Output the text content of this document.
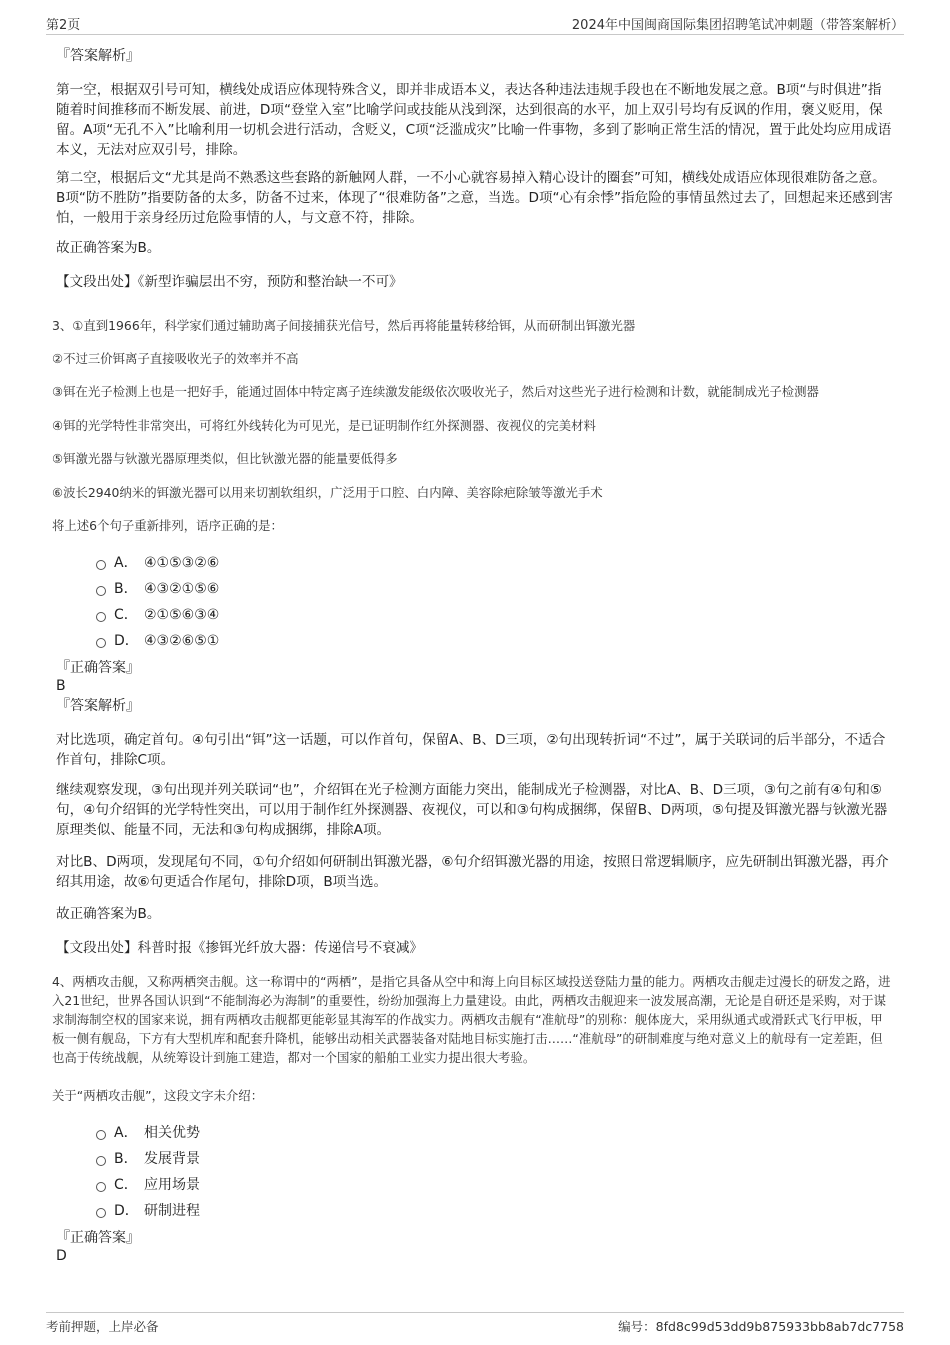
第2页	2024年中国闽商国际集团招聘笔试冲刺题（带答案解析）

『答案解析』

第一空，根据双引号可知，横线处成语应体现特殊含义，即并非成语本义，表达各种违法违规手段也在不断地发展之意。B项“与时俱进”指随着时间推移而不断发展、前进，D项“登堂入室”比喻学问或技能从浅到深，达到很高的水平，加上双引号均有反讽的作用，褒义贬用，保留。A项“无孔不入”比喻利用一切机会进行活动，含贬义，C项“泛滥成灾”比喻一件事物，多到了影响正常生活的情况，置于此处均应用成语本义，无法对应双引号，排除。

第二空，根据后文“尤其是尚不熟悉这些套路的新触网人群，一不小心就容易掉入精心设计的圈套”可知，横线处成语应体现很难防备之意。B项“防不胜防”指要防备的太多，防备不过来，体现了“很难防备”之意，当选。D项“心有余悸”指危险的事情虽然过去了，回想起来还感到害怕，一般用于亲身经历过危险事情的人，与文意不符，排除。

故正确答案为B。

【文段出处】《新型诈骗层出不穷，预防和整治缺一不可》

3、①直到1966年，科学家们通过辅助离子间接捕获光信号，然后再将能量转移给铒，从而研制出铒激光器

②不过三价铒离子直接吸收光子的效率并不高

③铒在光子检测上也是一把好手，能通过固体中特定离子连续激发能级依次吸收光子，然后对这些光子进行检测和计数，就能制成光子检测器

④铒的光学特性非常突出，可将红外线转化为可见光，是已证明制作红外探测器、夜视仪的完美材料

⑤铒激光器与钬激光器原理类似，但比钬激光器的能量要低得多

⑥波长2940纳米的铒激光器可以用来切割软组织，广泛用于口腔、白内障、美容除疤除皱等激光手术

将上述6个句子重新排列，语序正确的是：

A． ④①⑤③②⑥
B． ④③②①⑤⑥
C． ②①⑤⑥③④
D． ④③②⑥⑤①

『正确答案』

B

『答案解析』

对比选项，确定首句。④句引出“铒”这一话题，可以作首句，保留A、B、D三项，②句出现转折词“不过”，属于关联词的后半部分，不适合作首句，排除C项。

继续观察发现，③句出现并列关联词“也”，介绍铒在光子检测方面能力突出，能制成光子检测器，对比A、B、D三项，③句之前有④句和⑤句，④句介绍铒的光学特性突出，可以用于制作红外探测器、夜视仪，可以和③句构成捆绑，保留B、D两项，⑤句提及铒激光器与钬激光器原理类似、能量不同，无法和③句构成捆绑，排除A项。

对比B、D两项，发现尾句不同，①句介绍如何研制出铒激光器，⑥句介绍铒激光器的用途，按照日常逻辑顺序，应先研制出铒激光器，再介绍其用途，故⑥句更适合作尾句，排除D项，B项当选。

故正确答案为B。

【文段出处】科普时报《掺铒光纤放大器：传递信号不衰减》

4、两栖攻击舰，又称两栖突击舰。这一称谓中的“两栖”，是指它具备从空中和海上向目标区域投送登陆力量的能力。两栖攻击舰走过漫长的研发之路，进入21世纪，世界各国认识到“不能制海必为海制”的重要性，纷纷加强海上力量建设。由此，两栖攻击舰迎来一波发展高潮，无论是自研还是采购，对于谋求制海制空权的国家来说，拥有两栖攻击舰都更能彰显其海军的作战实力。两栖攻击舰有“准航母”的别称：舰体庞大，采用纵通式或滑跃式飞行甲板，甲板一侧有舰岛，下方有大型机库和配套升降机，能够出动相关武器装备对陆地目标实施打击……“准航母”的研制难度与绝对意义上的航母有一定差距，但也高于传统战舰，从统筹设计到施工建造，都对一个国家的船舶工业实力提出很大考验。

关于“两栖攻击舰”，这段文字未介绍：

A． 相关优势
B． 发展背景
C． 应用场景
D． 研制进程

『正确答案』

D

考前押题，上岸必备	编号：8fd8c99d53dd9b875933bb8ab7dc7758
